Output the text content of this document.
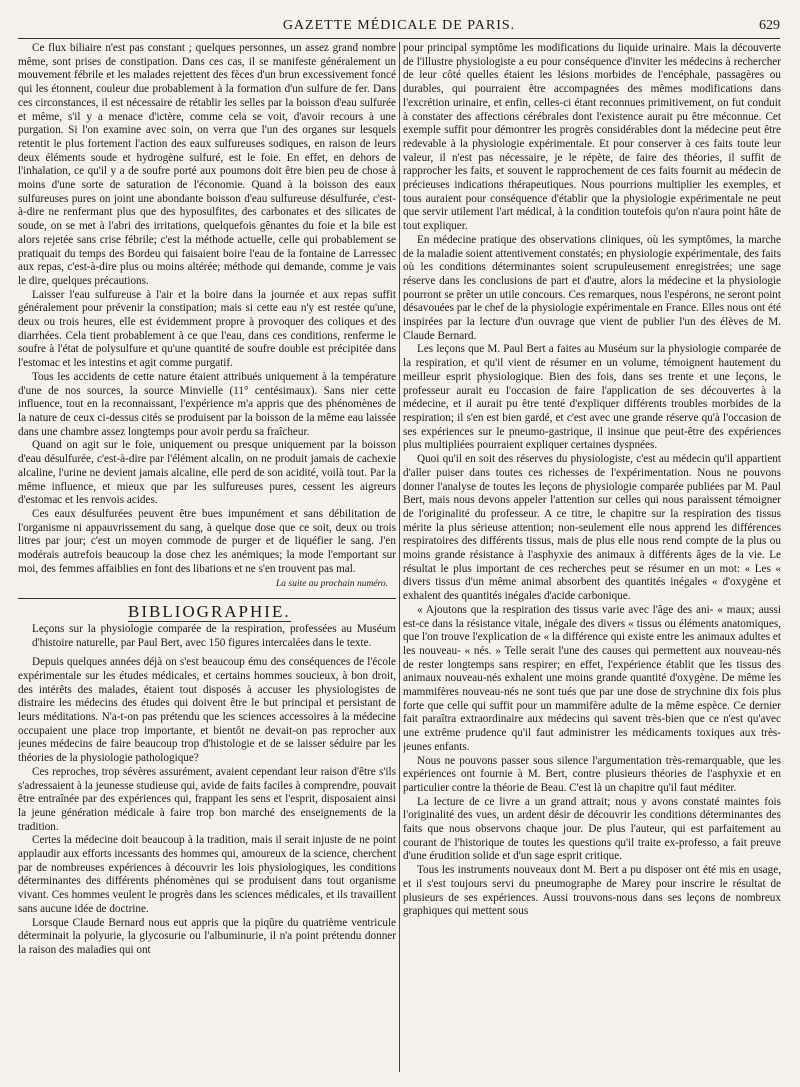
GAZETTE MÉDICALE DE PARIS.	629

Ce flux biliaire n'est pas constant ; quelques personnes, un assez grand nombre même, sont prises de constipation. Dans ces cas, il se manifeste généralement un mouvement fébrile et les malades rejettent des fèces d'un brun excessivement foncé qui les étonnent, couleur due probablement à la formation d'un sulfure de fer. Dans ces circonstances, il est nécessaire de rétablir les selles par la boisson d'eau sulfurée et même, s'il y a menace d'ictère, comme cela se voit, d'avoir recours à une purgation. Si l'on examine avec soin, on verra que l'un des organes sur lesquels retentit le plus fortement l'action des eaux sulfureuses sodiques, en raison de leurs deux éléments soude et hydrogène sulfuré, est le foie. En effet, en dehors de l'inhalation, ce qu'il y a de soufre porté aux poumons doit être bien peu de chose à moins d'une sorte de saturation de l'économie. Quand à la boisson des eaux sulfureuses pures on joint une abondante boisson d'eau sulfureuse désulfurée, c'est-à-dire ne renfermant plus que des hyposulfites, des carbonates et des silicates de soude, on se met à l'abri des irritations, quelquefois gênantes du foie et la bile est alors rejetée sans crise fébrile; c'est la méthode actuelle, celle qui probablement se pratiquait du temps des Bordeu qui faisaient boire l'eau de la fontaine de Larressec aux repas, c'est-à-dire plus ou moins altérée; méthode qui demande, comme je vais le dire, quelques précautions.

Laisser l'eau sulfureuse à l'air et la boire dans la journée et aux repas suffit généralement pour prévenir la constipation; mais si cette eau n'y est restée qu'une, deux ou trois heures, elle est évidemment propre à provoquer des coliques et des diarrhées. Cela tient probablement à ce que l'eau, dans ces conditions, renferme le soufre à l'état de polysulfure et qu'une quantité de soufre double est précipitée dans l'estomac et les intestins et agit comme purgatif.

Tous les accidents de cette nature étaient attribués uniquement à la température d'une de nos sources, la source Minvielle (11° centésimaux). Sans nier cette influence, tout en la reconnaissant, l'expérience m'a appris que des phénomènes de la nature de ceux ci-dessus cités se produisent par la boisson de la même eau laissée dans une chambre assez longtemps pour avoir perdu sa fraîcheur.

Quand on agit sur le foie, uniquement ou presque uniquement par la boisson d'eau désulfurée, c'est-à-dire par l'élément alcalin, on ne produit jamais de cachexie alcaline, l'urine ne devient jamais alcaline, elle perd de son acidité, voilà tout. Par la même influence, et mieux que par les sulfureuses pures, cessent les aigreurs d'estomac et les renvois acides.

Ces eaux désulfurées peuvent être bues impunément et sans débilitation de l'organisme ni appauvrissement du sang, à quelque dose que ce soit, deux ou trois litres par jour; c'est un moyen commode de purger et de liquéfier le sang. J'en modérais autrefois beaucoup la dose chez les anémiques; la mode l'emportant sur moi, des femmes affaiblies en font des libations et ne s'en trouvent pas mal.

La suite au prochain numéro.
BIBLIOGRAPHIE.

Leçons sur la physiologie comparée de la respiration, professées au Muséum d'histoire naturelle, par Paul Bert, avec 150 figures intercalées dans le texte.

Depuis quelques années déjà on s'est beaucoup ému des conséquences de l'école expérimentale sur les études médicales, et certains hommes soucieux, à bon droit, des intérêts des malades, étaient tout disposés à accuser les physiologistes de distraire les médecins des études qui doivent être le but principal et persistant de leurs méditations. N'a-t-on pas prétendu que les sciences accessoires à la médecine occupaient une place trop importante, et bientôt ne devait-on pas reprocher aux jeunes médecins de faire beaucoup trop d'histologie et de se laisser séduire par les théories de la physiologie pathologique?

Ces reproches, trop sévères assurément, avaient cependant leur raison d'être s'ils s'adressaient à la jeunesse studieuse qui, avide de faits faciles à comprendre, pouvait être entraînée par des expériences qui, frappant les sens et l'esprit, disposaient ainsi la jeune génération médicale à faire trop bon marché des enseignements de la tradition.

Certes la médecine doit beaucoup à la tradition, mais il serait injuste de ne point applaudir aux efforts incessants des hommes qui, amoureux de la science, cherchent par de nombreuses expériences à découvrir les lois physiologiques, les conditions déterminantes des différents phénomènes qui se produisent dans tout organisme vivant. Ces hommes veulent le progrès dans les sciences médicales, et ils travaillent sans aucune idée de doctrine.

Lorsque Claude Bernard nous eut appris que la piqûre du quatrième ventricule déterminait la polyurie, la glycosurie ou l'albuminurie, il n'a point prétendu donner la raison des maladies qui ont

pour principal symptôme les modifications du liquide urinaire. Mais la découverte de l'illustre physiologiste a eu pour conséquence d'inviter les médecins à rechercher de leur côté quelles étaient les lésions morbides de l'encéphale, passagères ou durables, qui pourraient être accompagnées des mêmes modifications dans l'excrétion urinaire, et enfin, celles-ci étant reconnues primitivement, on fut conduit à constater des affections cérébrales dont l'existence aurait pu être méconnue. Cet exemple suffit pour démontrer les progrès considérables dont la médecine peut être redevable à la physiologie expérimentale. Et pour conserver à ces faits toute leur valeur, il n'est pas nécessaire, je le répète, de faire des théories, il suffit de rapprocher les faits, et souvent le rapprochement de ces faits fournit au médecin de précieuses indications thérapeutiques. Nous pourrions multiplier les exemples, et tous auraient pour conséquence d'établir que la physiologie expérimentale ne peut que servir utilement l'art médical, à la condition toutefois qu'on n'aura point hâte de tout expliquer.

En médecine pratique des observations cliniques, où les symptômes, la marche de la maladie soient attentivement constatés; en physiologie expérimentale, des faits où les conditions déterminantes soient scrupuleusement enregistrées; une sage réserve dans les conclusions de part et d'autre, alors la médecine et la physiologie pourront se prêter un utile concours. Ces remarques, nous l'espérons, ne seront point désavouées par le chef de la physiologie expérimentale en France. Elles nous ont été inspirées par la lecture d'un ouvrage que vient de publier l'un des élèves de M. Claude Bernard.

Les leçons que M. Paul Bert a faites au Muséum sur la physiologie comparée de la respiration, et qu'il vient de résumer en un volume, témoignent hautement du meilleur esprit physiologique. Bien des fois, dans ses trente et une leçons, le professeur aurait eu l'occasion de faire l'application de ses découvertes à la médecine, et il aurait pu être tenté d'expliquer différents troubles morbides de la respiration; il s'en est bien gardé, et c'est avec une grande réserve qu'à l'occasion de ses expériences sur le pneumo-gastrique, il insinue que peut-être des expériences plus multipliées pourraient expliquer certaines dyspnées.

Quoi qu'il en soit des réserves du physiologiste, c'est au médecin qu'il appartient d'aller puiser dans toutes ces richesses de l'expérimentation. Nous ne pouvons donner l'analyse de toutes les leçons de physiologie comparée publiées par M. Paul Bert, mais nous devons appeler l'attention sur celles qui nous paraissent témoigner de l'originalité du professeur. A ce titre, le chapitre sur la respiration des tissus mérite la plus sérieuse attention; non-seulement elle nous apprend les différences respiratoires des différents tissus, mais de plus elle nous rend compte de la plus ou moins grande résistance à l'asphyxie des animaux à différents âges de la vie. Le résultat le plus important de ces recherches peut se résumer en un mot: « Les « divers tissus d'un même animal absorbent des quantités inégales « d'oxygène et exhalent des quantités inégales d'acide carbonique.

« Ajoutons que la respiration des tissus varie avec l'âge des ani- « maux; aussi est-ce dans la résistance vitale, inégale des divers « tissus ou éléments anatomiques, que l'on trouve l'explication de « la différence qui existe entre les animaux adultes et les nouveau- « nés. » Telle serait l'une des causes qui permettent aux nouveau-nés de rester longtemps sans respirer; en effet, l'expérience établit que les tissus des animaux nouveau-nés exhalent une moins grande quantité d'oxygène. De même les mammifères nouveau-nés ne sont tués que par une dose de strychnine dix fois plus forte que celle qui suffit pour un mammifère adulte de la même espèce. Ce dernier fait paraîtra extraordinaire aux médecins qui savent très-bien que ce n'est qu'avec une extrême prudence qu'il faut administrer les médicaments toxiques aux très-jeunes enfants.

Nous ne pouvons passer sous silence l'argumentation très-remarquable, que les expériences ont fournie à M. Bert, contre plusieurs théories de l'asphyxie et en particulier contre la théorie de Beau. C'est là un chapitre qu'il faut méditer.

La lecture de ce livre a un grand attrait; nous y avons constaté maintes fois l'originalité des vues, un ardent désir de découvrir les conditions déterminantes des faits que nous observons chaque jour. De plus l'auteur, qui est parfaitement au courant de l'historique de toutes les questions qu'il traite ex-professo, a fait preuve d'une érudition solide et d'un sage esprit critique.

Tous les instruments nouveaux dont M. Bert a pu disposer ont été mis en usage, et il s'est toujours servi du pneumographe de Marey pour inscrire le résultat de plusieurs de ses expériences. Aussi trouvons-nous dans ses leçons de nombreux graphiques qui mettent sous
